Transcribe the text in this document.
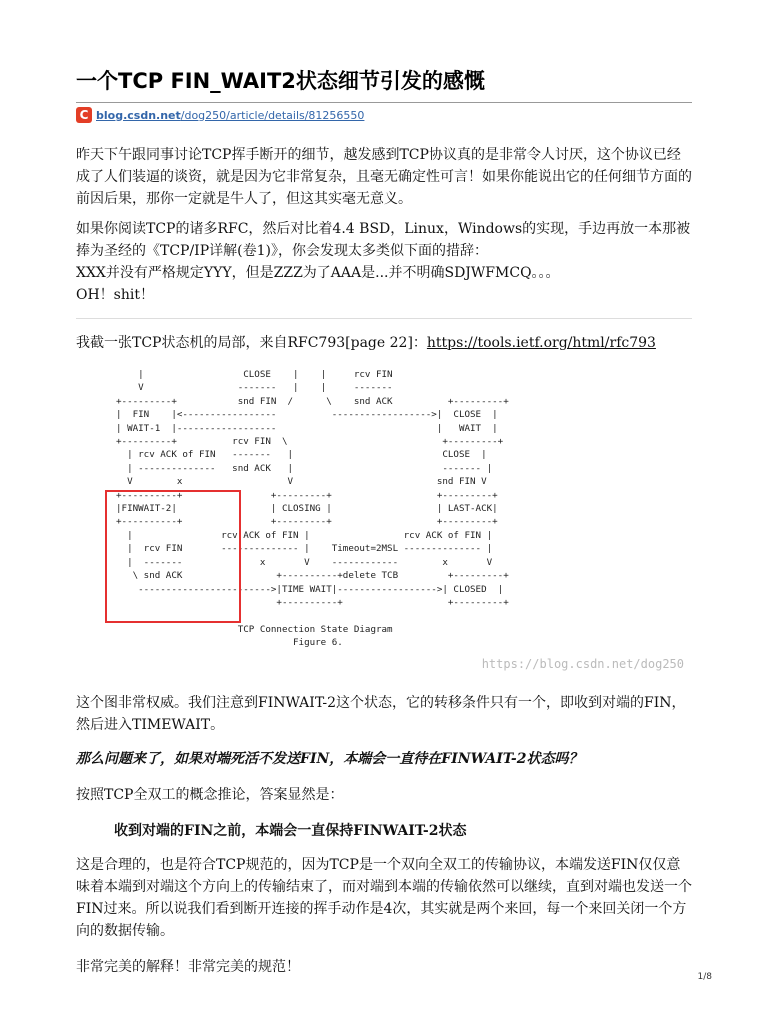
一个TCP FIN_WAIT2状态细节引发的感慨
C blog.csdn.net/dog250/article/details/81256550

昨天下午跟同事讨论TCP挥手断开的细节，越发感到TCP协议真的是非常令人讨厌，这个协议已经成了人们装逼的谈资，就是因为它非常复杂，且毫无确定性可言！如果你能说出它的任何细节方面的前因后果，那你一定就是牛人了，但这其实毫无意义。

如果你阅读TCP的诸多RFC，然后对比着4.4 BSD，Linux，Windows的实现，手边再放一本那被捧为圣经的《TCP/IP详解(卷1)》，你会发现太多类似下面的措辞：
XXX并没有严格规定YYY，但是ZZZ为了AAA是...并不明确SDJWFMCQ。。。
OH！shit！

我截一张TCP状态机的局部，来自RFC793[page 22]：https://tools.ietf.org/html/rfc793

|                  CLOSE    |    |     rcv FIN
V                 -------   |    |     -------
+---------+           snd FIN  /      \    snd ACK          +---------+
|  FIN    |<-----------------          ------------------>|  CLOSE  |
| WAIT-1  |------------------                             |   WAIT  |
+---------+          rcv FIN  \                            +---------+
| rcv ACK of FIN   -------   |                           CLOSE  |
| --------------   snd ACK   |                           ------- |
V        x                   V                          snd FIN V
+----------+                +---------+                   +---------+
|FINWAIT-2|                 | CLOSING |                   | LAST-ACK|
+----------+                +---------+                   +---------+
|                rcv ACK of FIN |                 rcv ACK of FIN |
|  rcv FIN       -------------- |    Timeout=2MSL -------------- |
|  -------              x       V    ------------        x       V
\ snd ACK                 +----------+delete TCB         +---------+
------------------------>|TIME WAIT|------------------>| CLOSED  |
+----------+                   +---------+

TCP Connection State Diagram
Figure 6.
https://blog.csdn.net/dog250

这个图非常权威。我们注意到FINWAIT-2这个状态，它的转移条件只有一个，即收到对端的FIN，然后进入TIMEWAIT。

那么问题来了，如果对端死活不发送FIN，本端会一直待在FINWAIT-2状态吗？

按照TCP全双工的概念推论，答案显然是：

收到对端的FIN之前，本端会一直保持FINWAIT-2状态

这是合理的，也是符合TCP规范的，因为TCP是一个双向全双工的传输协议，本端发送FIN仅仅意味着本端到对端这个方向上的传输结束了，而对端到本端的传输依然可以继续，直到对端也发送一个FIN过来。所以说我们看到断开连接的挥手动作是4次，其实就是两个来回，每一个来回关闭一个方向的数据传输。

非常完美的解释！非常完美的规范！

1/8
